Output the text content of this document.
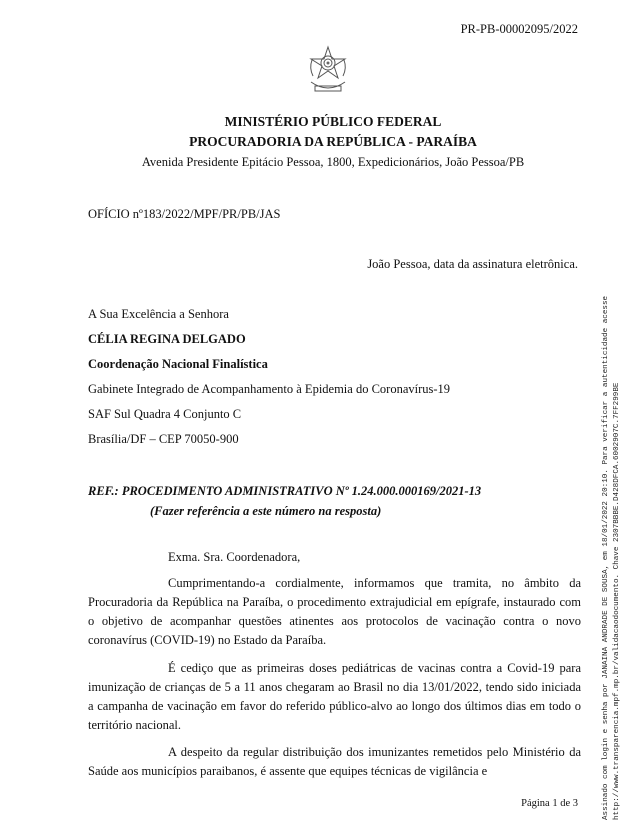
PR-PB-00002095/2022
MINISTÉRIO PÚBLICO FEDERAL
PROCURADORIA DA REPÚBLICA - PARAÍBA
Avenida Presidente Epitácio Pessoa, 1800, Expedicionários, João Pessoa/PB
OFÍCIO nº183/2022/MPF/PR/PB/JAS
João Pessoa, data da assinatura eletrônica.
A Sua Excelência a Senhora
CÉLIA REGINA DELGADO
Coordenação Nacional Finalística
Gabinete Integrado de Acompanhamento à Epidemia do Coronavírus-19
SAF Sul Quadra 4 Conjunto C
Brasília/DF – CEP 70050-900
REF.: PROCEDIMENTO ADMINISTRATIVO Nº 1.24.000.000169/2021-13
(Fazer referência a este número na resposta)
Exma. Sra. Coordenadora,
Cumprimentando-a cordialmente, informamos que tramita, no âmbito da Procuradoria da República na Paraíba, o procedimento extrajudicial em epígrafe, instaurado com o objetivo de acompanhar questões atinentes aos protocolos de vacinação contra o novo coronavírus (COVID-19) no Estado da Paraíba.
É cediço que as primeiras doses pediátricas de vacinas contra a Covid-19 para imunização de crianças de 5 a 11 anos chegaram ao Brasil no dia 13/01/2022, tendo sido iniciada a campanha de vacinação em favor do referido público-alvo ao longo dos últimos dias em todo o território nacional.
A despeito da regular distribuição dos imunizantes remetidos pelo Ministério da Saúde aos municípios paraibanos, é assente que equipes técnicas de vigilância e	Assinado com login e senha por JANAINA ANDRADE DE SOUSA, em 18/01/2022 20:10. Para verificar a autenticidade acesse http://www.transparencia.mpf.mp.br/validacaodocumento. Chave 2307BBBE.D428DFCA.6002907C.7FF299BE
Página 1 de 3
